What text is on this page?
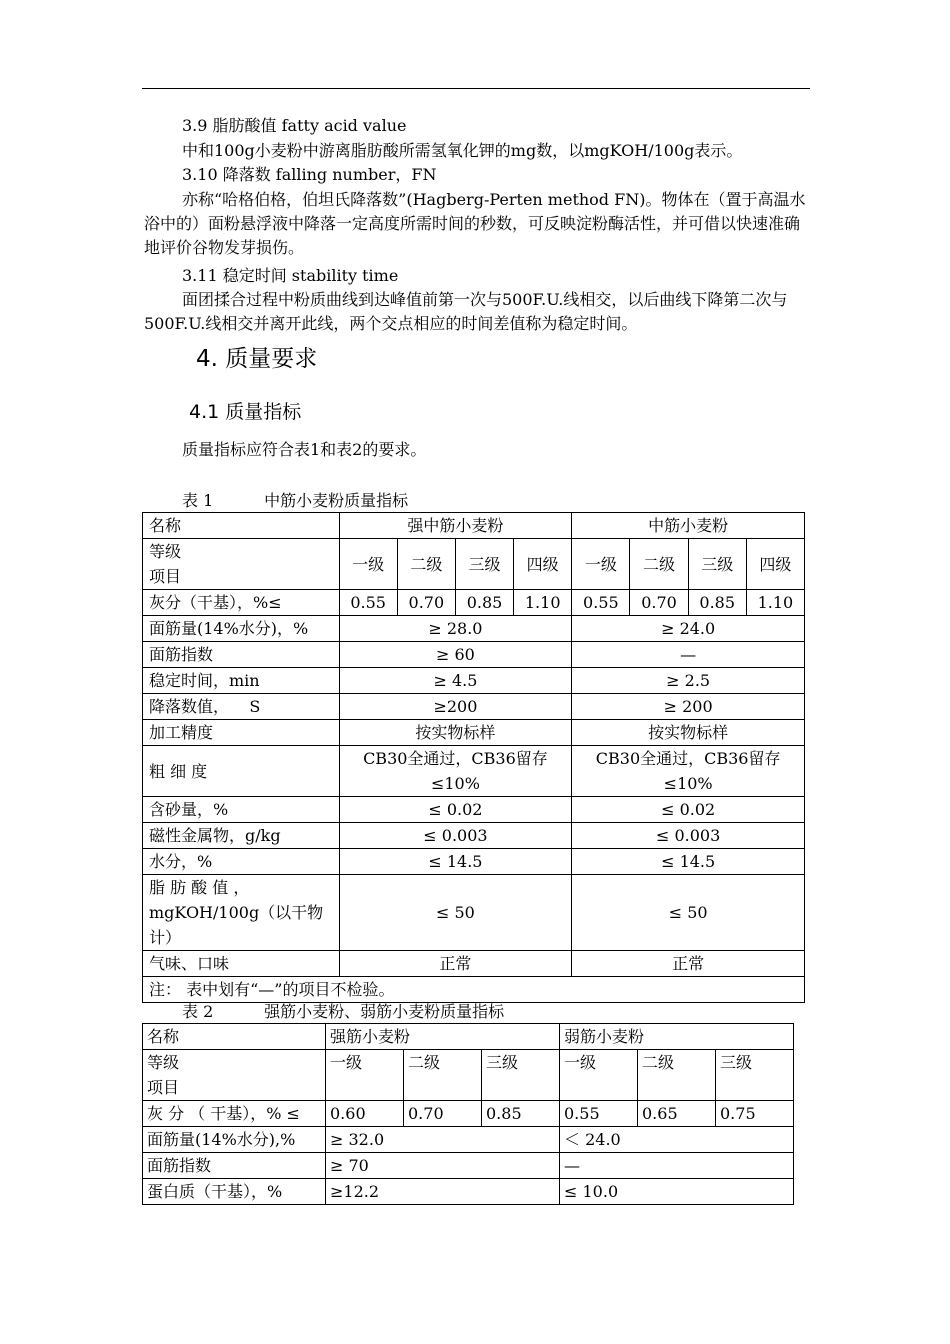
3.9 脂肪酸值 fatty acid value
中和100g小麦粉中游离脂肪酸所需氢氧化钾的mg数，以mgKOH/100g表示。
3.10 降落数 falling number，FN
亦称“哈格伯格，伯坦氏降落数”(Hagberg-Perten method FN)。物体在（置于高温水浴中的）面粉悬浮液中降落一定高度所需时间的秒数，可反映淀粉酶活性，并可借以快速准确地评价谷物发芽损伤。
3.11 稳定时间 stability time
面团揉合过程中粉质曲线到达峰值前第一次与500F.U.线相交，以后曲线下降第二次与500F.U.线相交并离开此线，两个交点相应的时间差值称为稳定时间。
4. 质量要求
4.1 质量指标
质量指标应符合表1和表2的要求。
表 1          中筋小麦粉质量指标
名称	强中筋小麦粉				中筋小麦粉			

等级
项目	一级	二级	三级	四级	一级	二级	三级	四级
灰分（干基），%≤	0.55	0.70	0.85	1.10	0.55	0.70	0.85	1.10
面筋量(14%水分)，%	≥ 28.0				≥ 24.0			
面筋指数	≥ 60				—			
稳定时间，min	≥ 4.5				≥ 2.5			
降落数值，    S	≥200				≥ 200			
加工精度	按实物标样				按实物标样			
粗 细 度	CB30全通过，CB36留存≤10%				CB30全通过，CB36留存≤10%			
含砂量，%	≤ 0.02				≤ 0.02			
磁性金属物，g/kg	≤ 0.003				≤ 0.003			
水分，%	≤ 14.5				≤ 14.5			
脂 肪 酸 值 ，mgKOH/100g（以干物计）	≤ 50				≤ 50			
气味、口味	正常				正常			
注： 表中划有“—”的项目不检验。								
表 2          强筋小麦粉、弱筋小麦粉质量指标
名称	强筋小麦粉			弱筋小麦粉		

等级
项目	一级	二级	三级	一级	二级	三级
灰 分 （ 干基），% ≤	0.60	0.70	0.85	0.55	0.65	0.75
面筋量(14%水分),%	≥ 32.0			＜ 24.0		
面筋指数	≥ 70			—		
蛋白质（干基），%	≥12.2			≤ 10.0		
